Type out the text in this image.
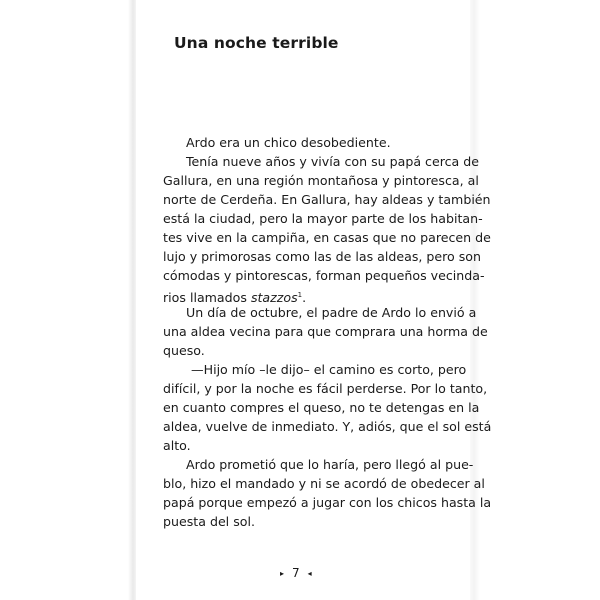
Una noche terrible
Ardo era un chico desobediente.
Tenía nueve años y vivía con su papá cerca de
Gallura, en una región montañosa y pintoresca, al
norte de Cerdeña. En Gallura, hay aldeas y también
está la ciudad, pero la mayor parte de los habitan-
tes vive en la campiña, en casas que no parecen de
lujo y primorosas como las de las aldeas, pero son
cómodas y pintorescas, forman pequeños vecinda-
rios llamados stazzos$^1$.
Un día de octubre, el padre de Ardo lo envió a
una aldea vecina para que comprara una horma de
queso.
—Hijo mío –le dijo– el camino es corto, pero
difícil, y por la noche es fácil perderse. Por lo tanto,
en cuanto compres el queso, no te detengas en la
aldea, vuelve de inmediato. Y, adiós, que el sol está
alto.
Ardo prometió que lo haría, pero llegó al pue-
blo, hizo el mandado y ni se acordó de obedecer al
papá porque empezó a jugar con los chicos hasta la
puesta del sol.
▸ 7 ◂
